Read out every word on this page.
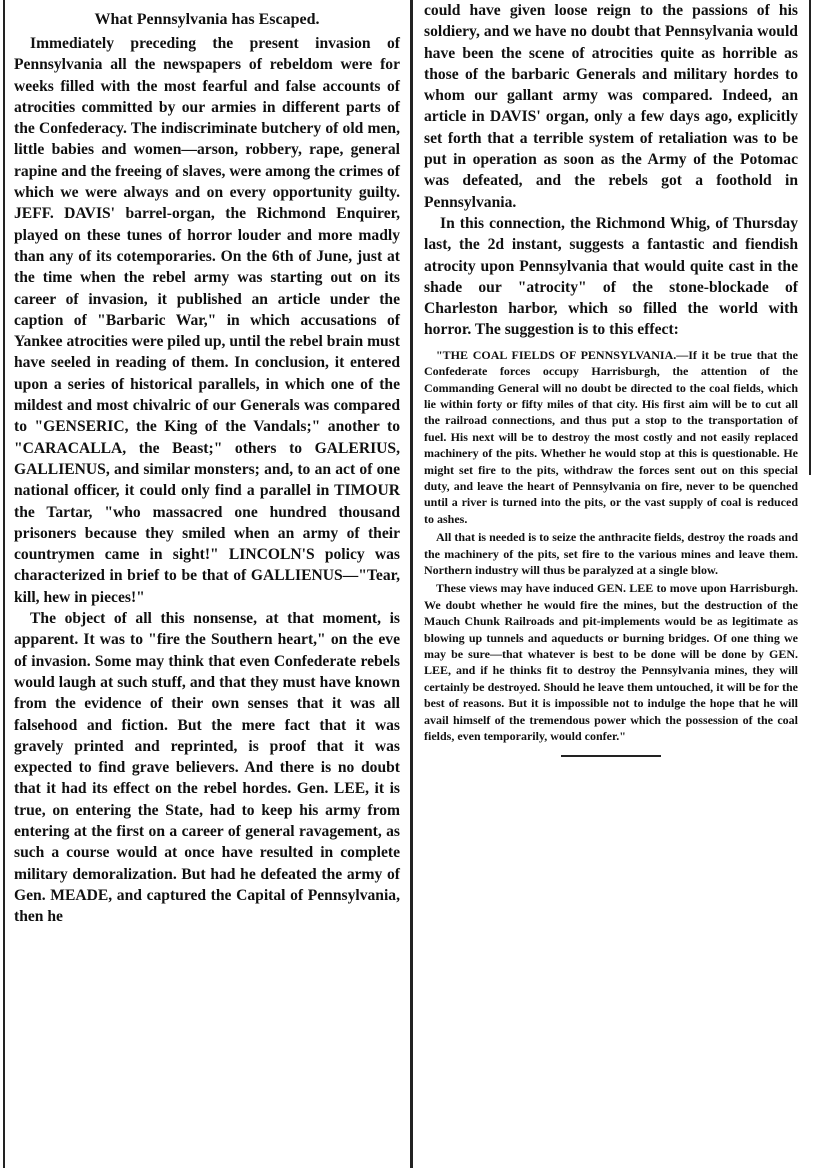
What Pennsylvania has Escaped.

Immediately preceding the present invasion of Pennsylvania all the newspapers of rebeldom were for weeks filled with the most fearful and false accounts of atrocities committed by our armies in different parts of the Confederacy. The indiscriminate butchery of old men, little babies and women—arson, robbery, rape, general rapine and the freeing of slaves, were among the crimes of which we were always and on every opportunity guilty. JEFF. DAVIS' barrel-organ, the Richmond Enquirer, played on these tunes of horror louder and more madly than any of its cotemporaries. On the 6th of June, just at the time when the rebel army was starting out on its career of invasion, it published an article under the caption of "Barbaric War," in which accusations of Yankee atrocities were piled up, until the rebel brain must have seeled in reading of them. In conclusion, it entered upon a series of historical parallels, in which one of the mildest and most chivalric of our Generals was compared to "GENSERIC, the King of the Vandals;" another to "CARACALLA, the Beast;" others to GALERIUS, GALLIENUS, and similar monsters; and, to an act of one national officer, it could only find a parallel in TIMOUR the Tartar, "who massacred one hundred thousand prisoners because they smiled when an army of their countrymen came in sight!" LINCOLN'S policy was characterized in brief to be that of GALLIENUS—"Tear, kill, hew in pieces!"

The object of all this nonsense, at that moment, is apparent. It was to "fire the Southern heart," on the eve of invasion. Some may think that even Confederate rebels would laugh at such stuff, and that they must have known from the evidence of their own senses that it was all falsehood and fiction. But the mere fact that it was gravely printed and reprinted, is proof that it was expected to find grave believers. And there is no doubt that it had its effect on the rebel hordes. Gen. LEE, it is true, on entering the State, had to keep his army from entering at the first on a career of general ravagement, as such a course would at once have resulted in complete military demoralization. But had he defeated the army of Gen. MEADE, and captured the Capital of Pennsylvania, then he

could have given loose reign to the passions of his soldiery, and we have no doubt that Pennsylvania would have been the scene of atrocities quite as horrible as those of the barbaric Generals and military hordes to whom our gallant army was compared. Indeed, an article in DAVIS' organ, only a few days ago, explicitly set forth that a terrible system of retaliation was to be put in operation as soon as the Army of the Potomac was defeated, and the rebels got a foothold in Pennsylvania.

In this connection, the Richmond Whig, of Thursday last, the 2d instant, suggests a fantastic and fiendish atrocity upon Pennsylvania that would quite cast in the shade our "atrocity" of the stone-blockade of Charleston harbor, which so filled the world with horror. The suggestion is to this effect:

"THE COAL FIELDS OF PENNSYLVANIA.—If it be true that the Confederate forces occupy Harrisburgh, the attention of the Commanding General will no doubt be directed to the coal fields, which lie within forty or fifty miles of that city. His first aim will be to cut all the railroad connections, and thus put a stop to the transportation of fuel. His next will be to destroy the most costly and not easily replaced machinery of the pits. Whether he would stop at this is questionable. He might set fire to the pits, withdraw the forces sent out on this special duty, and leave the heart of Pennsylvania on fire, never to be quenched until a river is turned into the pits, or the vast supply of coal is reduced to ashes.

All that is needed is to seize the anthracite fields, destroy the roads and the machinery of the pits, set fire to the various mines and leave them. Northern industry will thus be paralyzed at a single blow.

These views may have induced GEN. LEE to move upon Harrisburgh. We doubt whether he would fire the mines, but the destruction of the Mauch Chunk Railroads and pit-implements would be as legitimate as blowing up tunnels and aqueducts or burning bridges. Of one thing we may be sure—that whatever is best to be done will be done by GEN. LEE, and if he thinks fit to destroy the Pennsylvania mines, they will certainly be destroyed. Should he leave them untouched, it will be for the best of reasons. But it is impossible not to indulge the hope that he will avail himself of the tremendous power which the possession of the coal fields, even temporarily, would confer."
